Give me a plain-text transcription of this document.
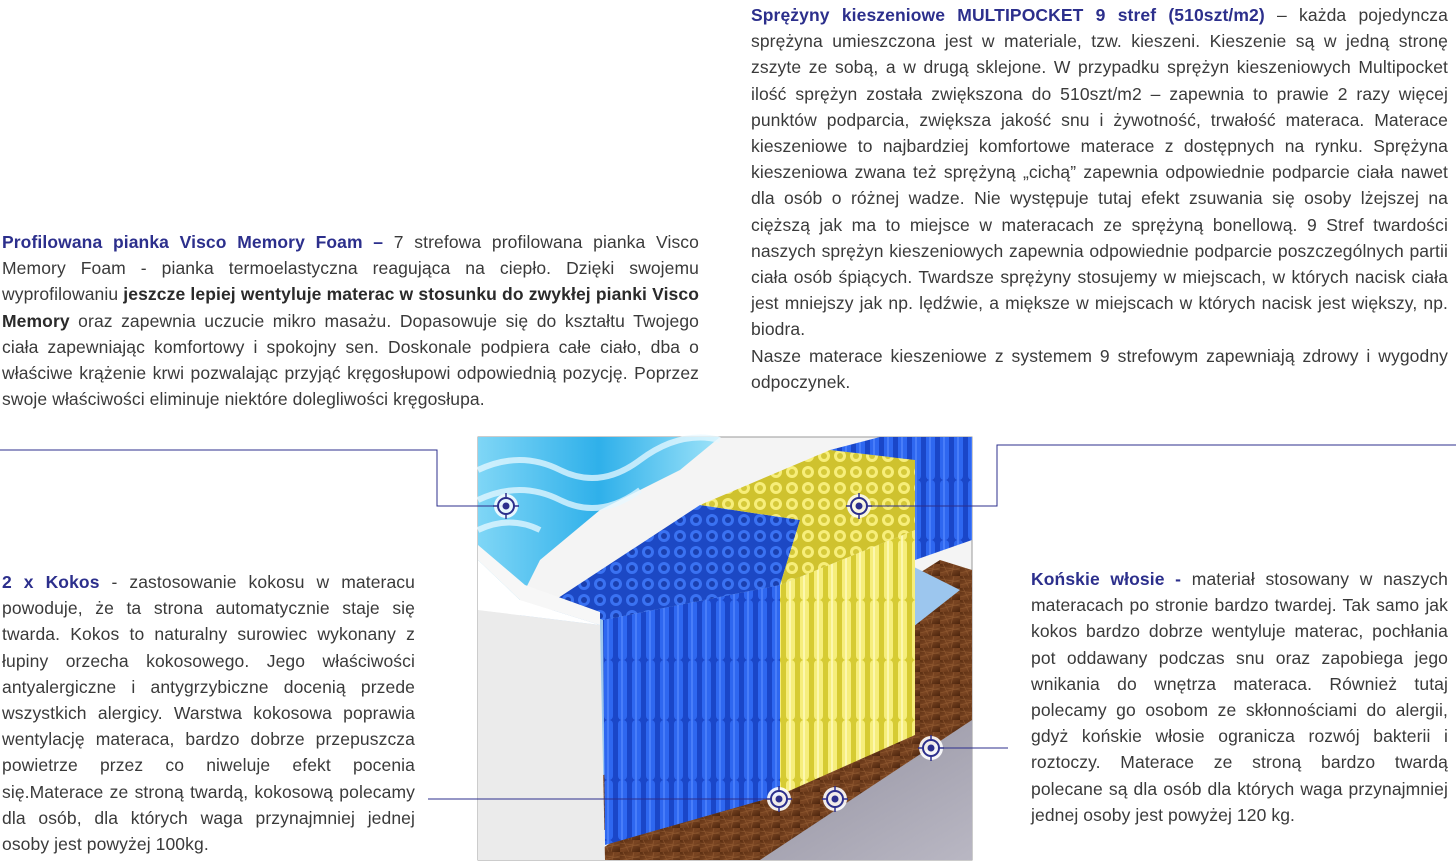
Sprężyny kieszeniowe MULTIPOCKET 9 stref (510szt/m2) – każda pojedyncza sprężyna umieszczona jest w materiale, tzw. kieszeni. Kieszenie są w jedną stronę zszyte ze sobą, a w drugą sklejone. W przypadku sprężyn kieszeniowych Multipocket ilość sprężyn została zwiększona do 510szt/m2 – zapewnia to prawie 2 razy więcej punktów podparcia, zwiększa jakość snu i żywotność, trwałość materaca. Materace kieszeniowe to najbardziej komfortowe materace z dostępnych na rynku. Sprężyna kieszeniowa zwana też sprężyną „cichą” zapewnia odpowiednie podparcie ciała nawet dla osób o różnej wadze. Nie występuje tutaj efekt zsuwania się osoby lżejszej na cięższą jak ma to miejsce w materacach ze sprężyną bonellową. 9 Stref twardości naszych sprężyn kieszeniowych zapewnia odpowiednie podparcie poszczególnych partii ciała osób śpiących. Twardsze sprężyny stosujemy w miejscach, w których nacisk ciała jest mniejszy jak np. lędźwie, a miększe w miejscach w których nacisk jest większy, np. biodra.
Nasze materace kieszeniowe z systemem 9 strefowym zapewniają zdrowy i wygodny odpoczynek.
Profilowana pianka Visco Memory Foam – 7 strefowa profilowana pianka Visco Memory Foam - pianka termoelastyczna reagująca na ciepło. Dzięki swojemu wyprofilowaniu jeszcze lepiej wentyluje materac w stosunku do zwykłej pianki Visco Memory oraz zapewnia uczucie mikro masażu. Dopasowuje się do kształtu Twojego ciała zapewniając komfortowy i spokojny sen. Doskonale podpiera całe ciało, dba o właściwe krążenie krwi pozwalając przyjąć kręgosłupowi odpowiednią pozycję. Poprzez swoje właściwości eliminuje niektóre dolegliwości kręgosłupa.
2 x Kokos - zastosowanie kokosu w materacu powoduje, że ta strona automatycznie staje się twarda. Kokos to naturalny surowiec wykonany z łupiny orzecha kokosowego. Jego właściwości antyalergiczne i antygrzybiczne docenią przede wszystkich alergicy. Warstwa kokosowa poprawia wentylację materaca, bardzo dobrze przepuszcza powietrze przez co niweluje efekt pocenia się.Materace ze stroną twardą, kokosową polecamy dla osób, dla których waga przynajmniej jednej osoby jest powyżej 100kg.
Końskie włosie - materiał stosowany w naszych materacach po stronie bardzo twardej. Tak samo jak kokos bardzo dobrze wentyluje materac, pochłania pot oddawany podczas snu oraz zapobiega jego wnikania do wnętrza materaca. Również tutaj polecamy go osobom ze skłonnościami do alergii, gdyż końskie włosie ogranicza rozwój bakterii i roztoczy. Materace ze stroną bardzo twardą polecane są dla osób dla których waga przynajmniej jednej osoby jest powyżej 120 kg.
